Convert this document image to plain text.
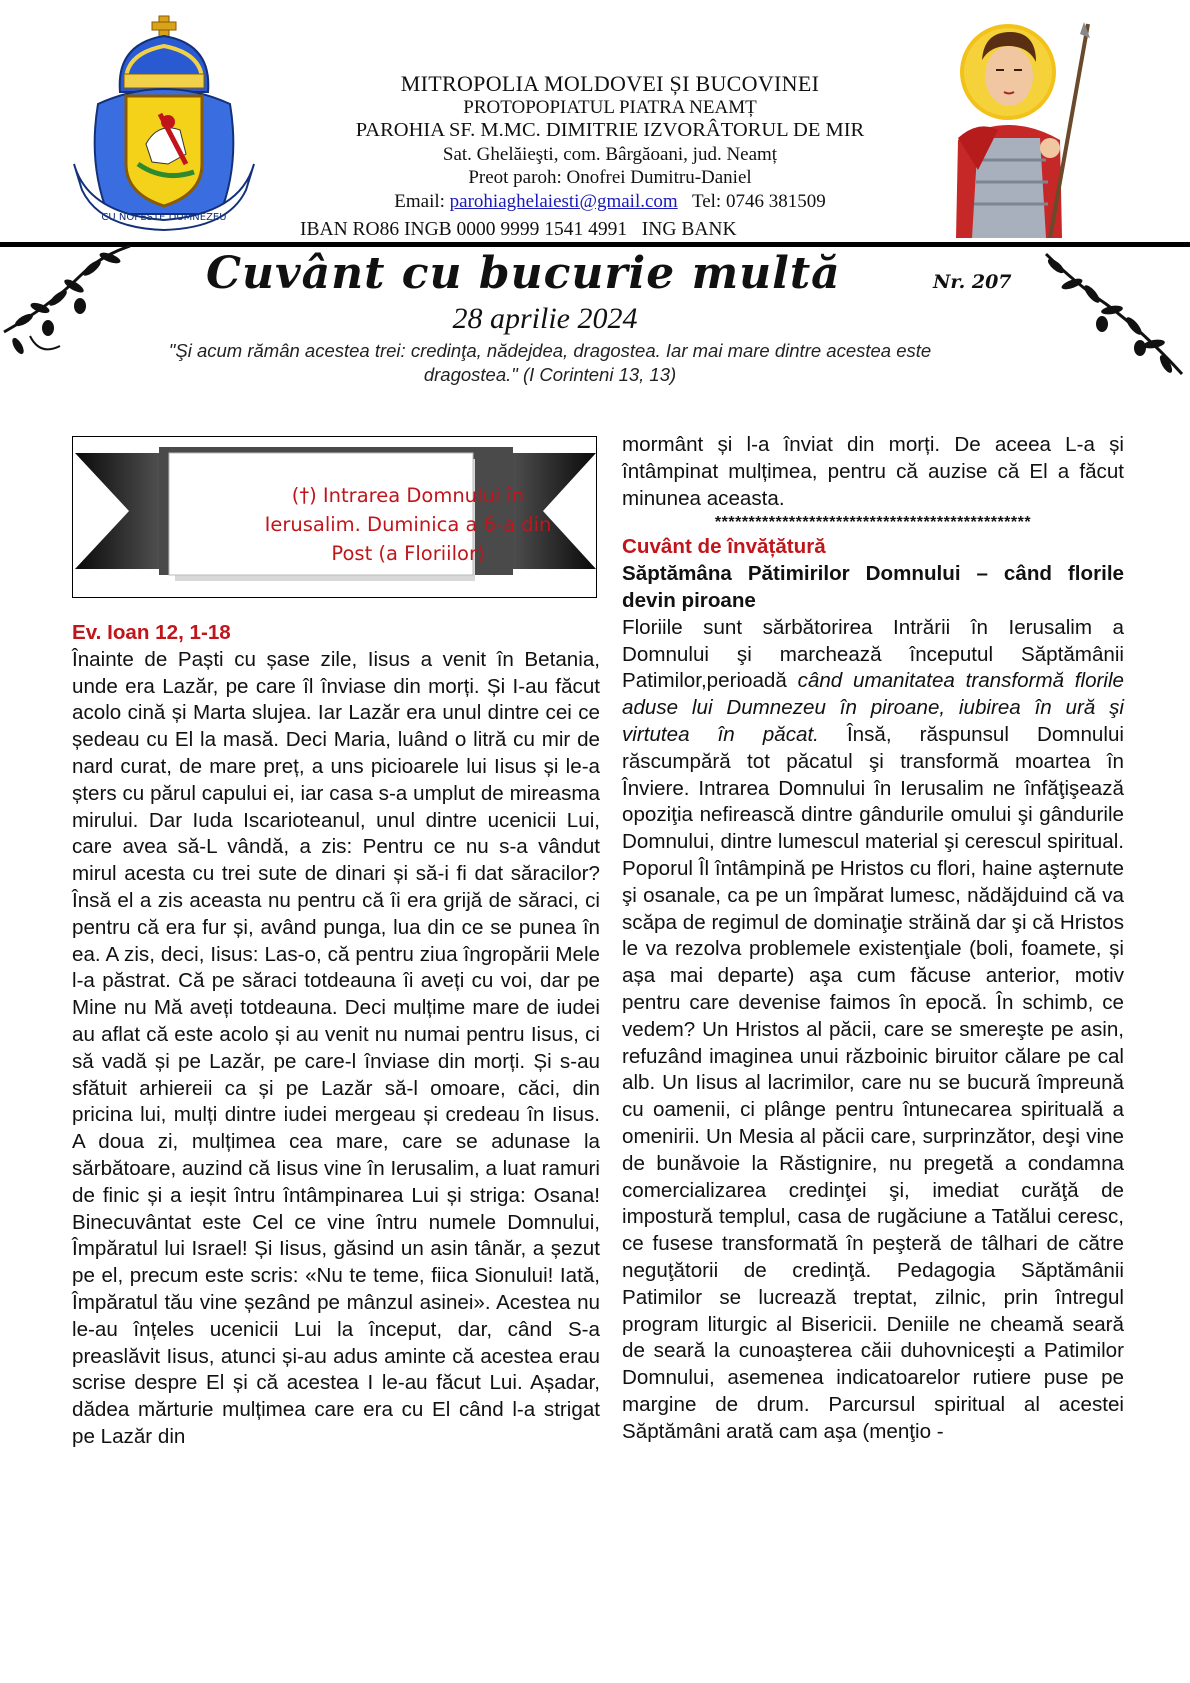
CU NOI ESTE DUMNEZEU
MITROPOLIA MOLDOVEI ȘI BUCOVINEI
PROTOPOPIATUL PIATRA NEAMȚ
PAROHIA SF. M.MC. DIMITRIE IZVORÂTORUL DE MIR
Sat. Ghelăieşti, com. Bârgăoani, jud. Neamț
Preot paroh: Onofrei Dumitru-Daniel
Email: parohiaghelaiesti@gmail.com Tel: 0746 381509
IBAN RO86 INGB 0000 9999 1541 4991   ING BANK
Cuvânt cu bucurie multă	Nr. 207
28 aprilie 2024
"Şi acum rămân acestea trei: credinţa, nădejdea, dragostea. Iar mai mare dintre acestea este
dragostea." (I Corinteni 13, 13)
(†) Intrarea Domnului în Ierusalim. Duminica a 6-a din Post (a Floriilor)

Ev. Ioan 12, 1-18

Înainte de Paști cu șase zile, Iisus a venit în Betania, unde era Lazăr, pe care îl înviase din morți. Și I-au făcut acolo cină și Marta slujea. Iar Lazăr era unul dintre cei ce ședeau cu El la masă. Deci Maria, luând o litră cu mir de nard curat, de mare preț, a uns picioarele lui Iisus și le-a șters cu părul capului ei, iar casa s-a umplut de mireasma mirului. Dar Iuda Iscarioteanul, unul dintre ucenicii Lui, care avea să-L vândă, a zis: Pentru ce nu s-a vândut mirul acesta cu trei sute de dinari și să-i fi dat săracilor? Însă el a zis aceasta nu pentru că îi era grijă de săraci, ci pentru că era fur și, având punga, lua din ce se punea în ea. A zis, deci, Iisus: Las-o, că pentru ziua îngropării Mele l-a păstrat. Că pe săraci totdeauna îi aveți cu voi, dar pe Mine nu Mă aveți totdeauna. Deci mulțime mare de iudei au aflat că este acolo și au venit nu numai pentru Iisus, ci să vadă și pe Lazăr, pe care-l înviase din morți. Și s-au sfătuit arhiereii ca și pe Lazăr să-l omoare, căci, din pricina lui, mulți dintre iudei mergeau și credeau în Iisus. A doua zi, mulțimea cea mare, care se adunase la sărbătoare, auzind că Iisus vine în Ierusalim, a luat ramuri de finic și a ieșit întru întâmpinarea Lui și striga: Osana! Binecuvântat este Cel ce vine întru numele Domnului, Împăratul lui Israel! Și Iisus, găsind un asin tânăr, a șezut pe el, precum este scris: «Nu te teme, fiica Sionului! Iată, Împăratul tău vine șezând pe mânzul asinei». Acestea nu le-au înțeles ucenicii Lui la început, dar, când S-a preaslăvit Iisus, atunci și-au adus aminte că acestea erau scrise despre El și că acestea I le-au făcut Lui. Așadar, dădea mărturie mulțimea care era cu El când l-a strigat pe Lazăr din

mormânt și l-a înviat din morți. De aceea L-a și întâmpinat mulțimea, pentru că auzise că El a făcut minunea aceasta.

***********************************************

Cuvânt de învățătură

Săptămâna Pătimirilor Domnului – când florile devin piroane

Floriile sunt sărbătorirea Intrării în Ierusalim a Domnului şi marchează începutul Săptămânii Patimilor,perioadă când umanitatea transformă florile aduse lui Dumnezeu în piroane, iubirea în ură şi virtutea în păcat. Însă, răspunsul Domnului răscumpără tot păcatul şi transformă moartea în Înviere. Intrarea Domnului în Ierusalim ne înfăţişează opoziţia nefirească dintre gândurile omului şi gândurile Domnului, dintre lumescul material şi cerescul spiritual. Poporul Îl întâmpină pe Hristos cu flori, haine aşternute şi osanale, ca pe un împărat lumesc, nădăjduind că va scăpa de regimul de dominaţie străină dar şi că Hristos le va rezolva problemele existenţiale (boli, foamete, și așa mai departe) aşa cum făcuse anterior, motiv pentru care devenise faimos în epocă. În schimb, ce vedem? Un Hristos al păcii, care se smereşte pe asin, refuzând imaginea unui războinic biruitor călare pe cal alb. Un Iisus al lacrimilor, care nu se bucură împreună cu oamenii, ci plânge pentru întunecarea spirituală a omenirii. Un Mesia al păcii care, surprinzător, deşi vine de bunăvoie la Răstignire, nu pregetă a condamna comercializarea credinţei şi, imediat curăţă de impostură templul, casa de rugăciune a Tatălui ceresc, ce fusese transformată în peşteră de tâlhari de către neguţătorii de credinţă. Pedagogia Săptămânii Patimilor se lucrează treptat, zilnic, prin întregul program liturgic al Bisericii. Deniile ne cheamă seară de seară la cunoaşterea căii duhovniceşti a Patimilor Domnului, asemenea indicatoarelor rutiere puse pe margine de drum. Parcursul spiritual al acestei Săptămâni arată cam aşa (menţio -
